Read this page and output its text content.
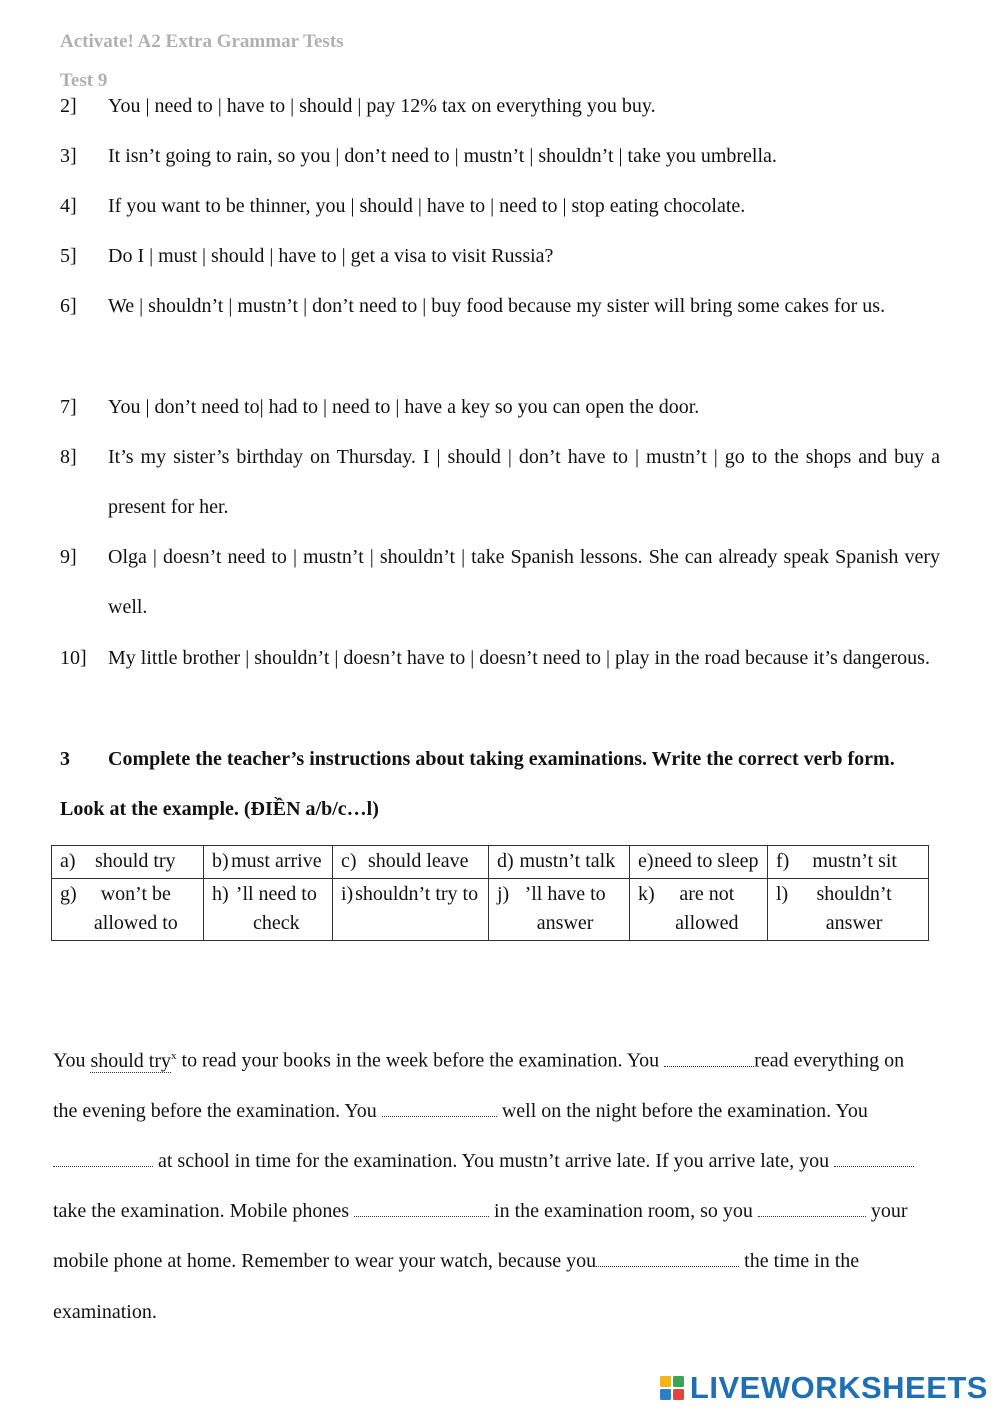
Activate! A2 Extra Grammar Tests
Test 9
2]	You | need to | have to | should | pay 12% tax on everything you buy.
3]	It isn’t going to rain, so you | don’t need to | mustn’t | shouldn’t | take you umbrella.
4]	If you want to be thinner, you | should | have to | need to | stop eating chocolate.
5]	Do I | must | should | have to | get a visa to visit Russia?
6]	We | shouldn’t | mustn’t | don’t need to | buy food because my sister will bring some cakes for us.
7]	You | don’t need to| had to | need to | have a key so you can open the door.
8]	It’s my sister’s birthday on Thursday. I | should | don’t have to | mustn’t | go to the shops and buy a present for her.
9]	Olga | doesn’t need to | mustn’t | shouldn’t | take Spanish lessons. She can already speak Spanish very well.
10]	My little brother | shouldn’t | doesn’t have to | doesn’t need to | play in the road because it’s dangerous.
3	Complete the teacher’s instructions about taking examinations. Write the correct verb form. Look at the example. (ĐIỀN a/b/c…l)
a) should try	b) must arrive	c) should leave	d) mustn’t talk	e) need to sleep	f) mustn’t sit

g) won’t be allowed to	h) ’ll need to check	i) shouldn’t try to	j) ’ll have to answer	k) are not allowed	l) shouldn’t answer
You should try$^x$ to read your books in the week before the examination. You	read everything on the evening before the examination. You	well on the night before the examination. You  at school in time for the examination. You mustn’t arrive late. If you arrive late, you take the examination. Mobile phones	in the examination room, so you	your mobile phone at home. Remember to wear your watch, because you	the time in the examination.
LIVEWORKSHEETS
